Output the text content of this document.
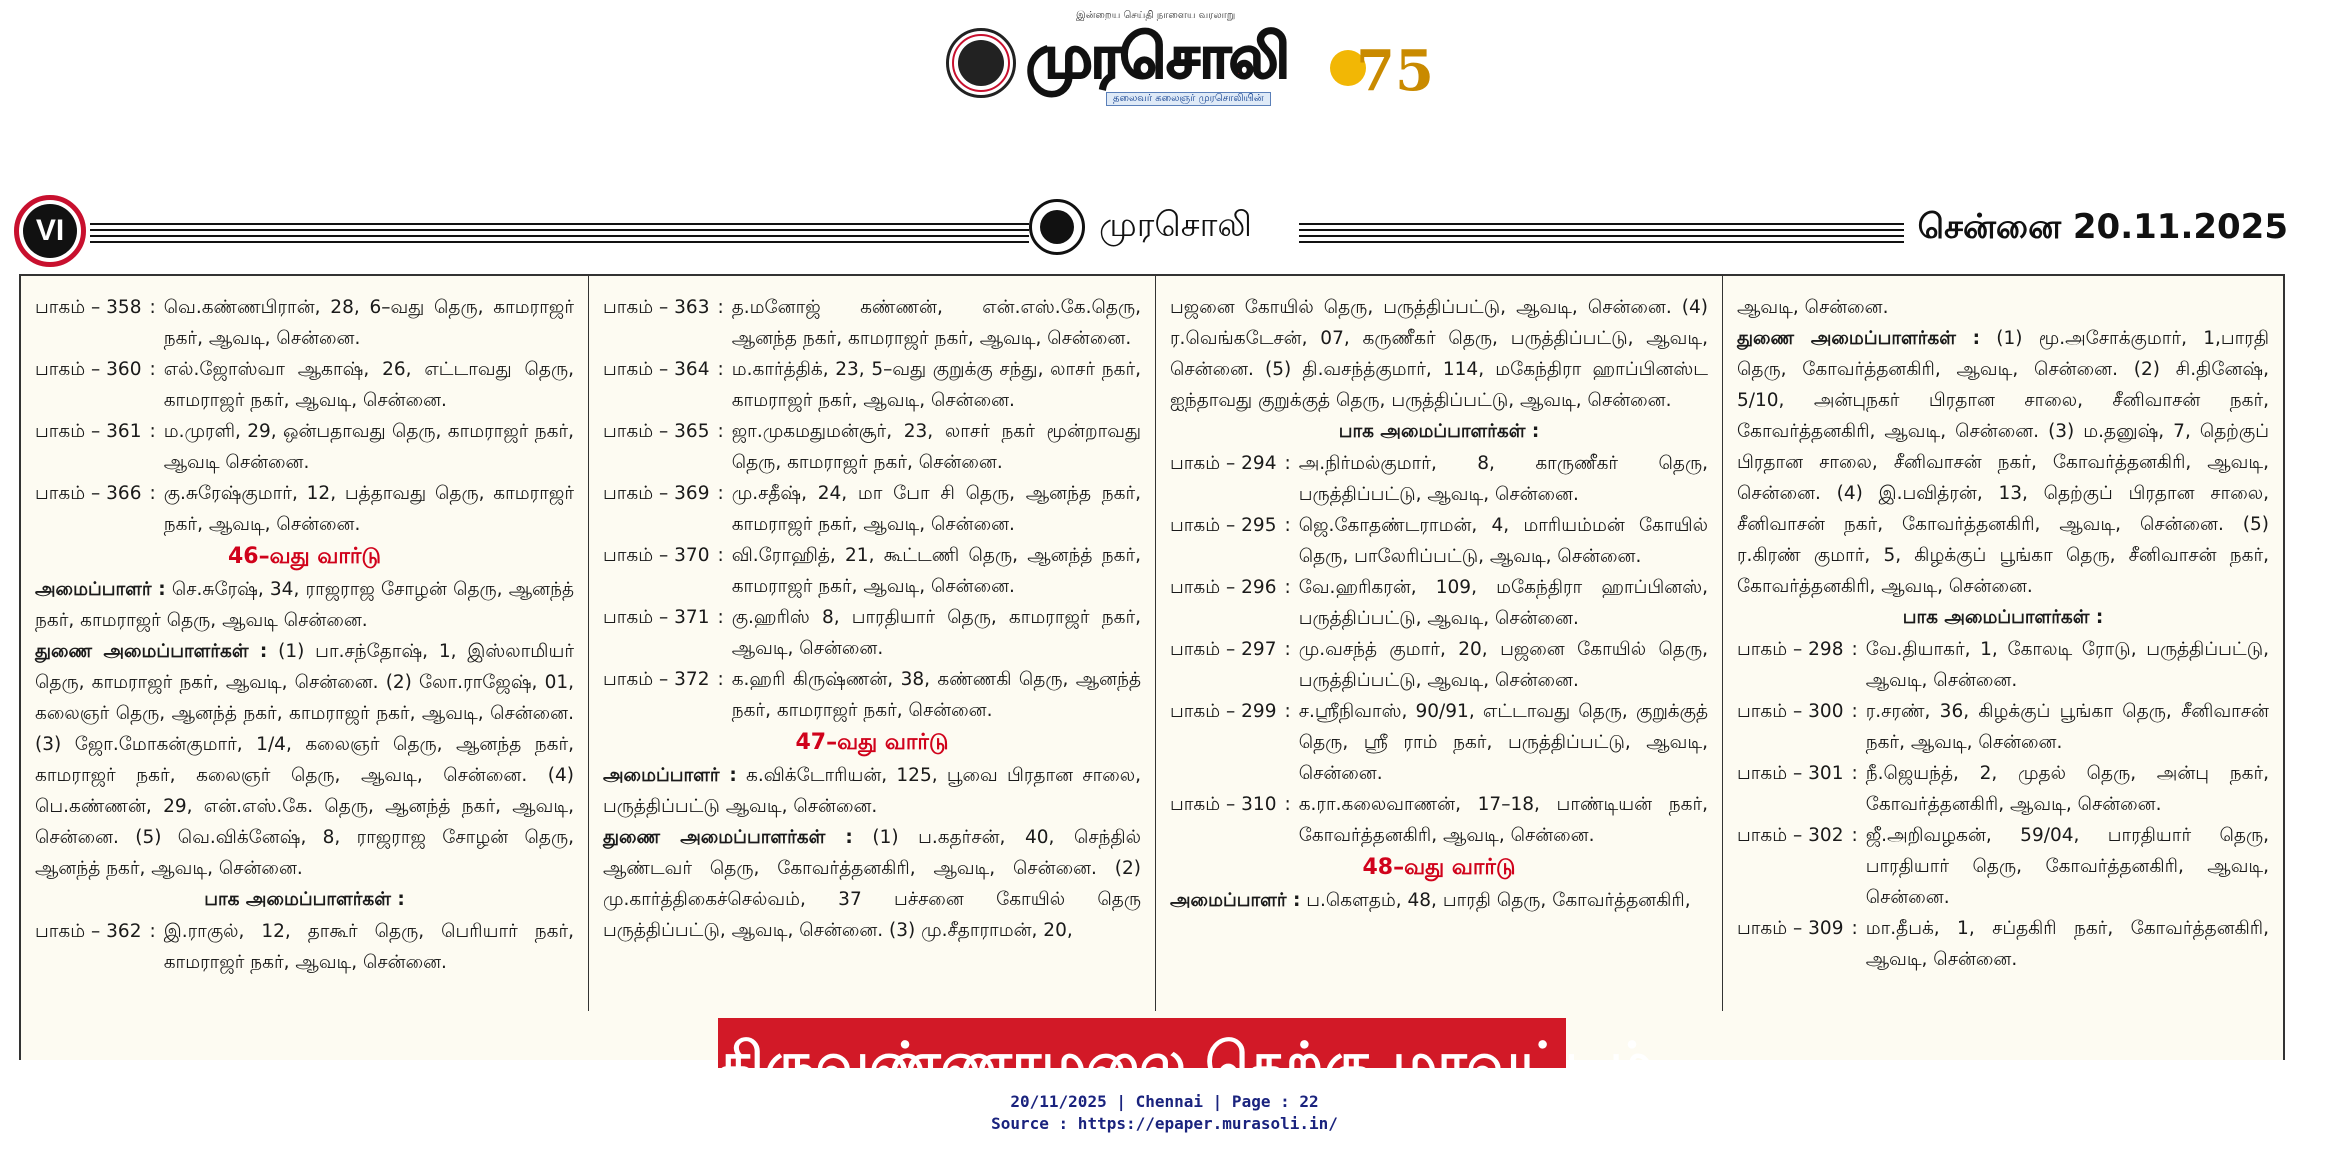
இன்றைய செய்தி நாளைய வரலாறு
முரசொலி
தலைவர் கலைஞர் முரசொலியின் 75
VI	முரசொலி	சென்னை 20.11.2025
பாகம் – 358 : வெ.கண்ணபிரான், 28, 6–வது தெரு, காமராஜர் நகர், ஆவடி, சென்னை.
பாகம் – 360 : எல்.ஜோஸ்வா ஆகாஷ், 26, எட்டாவது தெரு, காமராஜர் நகர், ஆவடி, சென்னை.
பாகம் – 361 : ம.முரளி, 29, ஒன்பதாவது தெரு, காமராஜர் நகர், ஆவடி சென்னை.
பாகம் – 366 : கு.சுரேஷ்குமார், 12, பத்தாவது தெரு, காமராஜர் நகர், ஆவடி, சென்னை.
46–வது வார்டு
அமைப்பாளர் : செ.சுரேஷ், 34, ராஜராஜ சோழன் தெரு, ஆனந்த் நகர், காமராஜர் தெரு, ஆவடி சென்னை.
துணை அமைப்பாளர்கள் : (1) பா.சந்தோஷ், 1, இஸ்லாமியர் தெரு, காமராஜர் நகர், ஆவடி, சென்னை. (2) லோ.ராஜேஷ், 01, கலைஞர் தெரு, ஆனந்த் நகர், காமராஜர் நகர், ஆவடி, சென்னை. (3) ஜோ.மோகன்குமார், 1/4, கலைஞர் தெரு, ஆனந்த நகர், காமராஜர் நகர், கலைஞர் தெரு, ஆவடி, சென்னை. (4) பெ.கண்ணன், 29, என்.எஸ்.கே. தெரு, ஆனந்த் நகர், ஆவடி, சென்னை. (5) வெ.விக்னேஷ், 8, ராஜராஜ சோழன் தெரு, ஆனந்த் நகர், ஆவடி, சென்னை.
பாக அமைப்பாளர்கள் :
பாகம் – 362 : இ.ராகுல், 12, தாகூர் தெரு, பெரியார் நகர், காமராஜர் நகர், ஆவடி, சென்னை.
பாகம் – 363 : த.மனோஜ் கண்ணன், என்.எஸ்.கே.தெரு, ஆனந்த நகர், காமராஜர் நகர், ஆவடி, சென்னை.
பாகம் – 364 : ம.கார்த்திக், 23, 5–வது குறுக்கு சந்து, லாசர் நகர், காமராஜர் நகர், ஆவடி, சென்னை.
பாகம் – 365 : ஜா.முகமதுமன்சூர், 23, லாசர் நகர் மூன்றாவது தெரு, காமராஜர் நகர், சென்னை.
பாகம் – 369 : மு.சதீஷ், 24, மா போ சி தெரு, ஆனந்த நகர், காமராஜர் நகர், ஆவடி, சென்னை.
பாகம் – 370 : வி.ரோஹித், 21, கூட்டணி தெரு, ஆனந்த் நகர், காமராஜர் நகர், ஆவடி, சென்னை.
பாகம் – 371 : கு.ஹரிஸ் 8, பாரதியார் தெரு, காமராஜர் நகர், ஆவடி, சென்னை.
பாகம் – 372 : க.ஹரி கிருஷ்ணன், 38, கண்ணகி தெரு, ஆனந்த் நகர், காமராஜர் நகர், சென்னை.
47–வது வார்டு
அமைப்பாளர் : க.விக்டோரியன், 125, பூவை பிரதான சாலை, பருத்திப்பட்டு ஆவடி, சென்னை.
துணை அமைப்பாளர்கள் : (1) ப.கதர்சன், 40, செந்தில் ஆண்டவர் தெரு, கோவர்த்தனகிரி, ஆவடி, சென்னை. (2) மு.கார்த்திகைச்செல்வம், 37 பச்சனை கோயில் தெரு பருத்திப்பட்டு, ஆவடி, சென்னை. (3) மு.சீதாராமன், 20,
பஜனை கோயில் தெரு, பருத்திப்பட்டு, ஆவடி, சென்னை. (4) ர.வெங்கடேசன், 07, கருணீகர் தெரு, பருத்திப்பட்டு, ஆவடி, சென்னை. (5) தி.வசந்த்குமார், 114, மகேந்திரா ஹாப்பினஸ்ட ஐந்தாவது குறுக்குத் தெரு, பருத்திப்பட்டு, ஆவடி, சென்னை.
பாக அமைப்பாளர்கள் :
பாகம் – 294 : அ.நிர்மல்குமார், 8, காருணீகர் தெரு, பருத்திப்பட்டு, ஆவடி, சென்னை.
பாகம் – 295 : ஜெ.கோதண்டராமன், 4, மாரியம்மன் கோயில் தெரு, பாலேரிப்பட்டு, ஆவடி, சென்னை.
பாகம் – 296 : வே.ஹரிகரன், 109, மகேந்திரா ஹாப்பினஸ், பருத்திப்பட்டு, ஆவடி, சென்னை.
பாகம் – 297 : மு.வசந்த் குமார், 20, பஜனை கோயில் தெரு, பருத்திப்பட்டு, ஆவடி, சென்னை.
பாகம் – 299 : ச.ஸ்ரீநிவாஸ், 90/91, எட்டாவது தெரு, குறுக்குத் தெரு, ஸ்ரீ ராம் நகர், பருத்திப்பட்டு, ஆவடி, சென்னை.
பாகம் – 310 : க.ரா.கலைவாணன், 17–18, பாண்டியன் நகர், கோவர்த்தனகிரி, ஆவடி, சென்னை.
48–வது வார்டு
அமைப்பாளர் : ப.கௌதம், 48, பாரதி தெரு, கோவர்த்தனகிரி,
ஆவடி, சென்னை.
துணை அமைப்பாளர்கள் : (1) மூ.அசோக்குமார், 1,பாரதி தெரு, கோவர்த்தனகிரி, ஆவடி, சென்னை. (2) சி.தினேஷ், 5/10, அன்புநகர் பிரதான சாலை, சீனிவாசன் நகர், கோவர்த்தனகிரி, ஆவடி, சென்னை. (3) ம.தனுஷ், 7, தெற்குப் பிரதான சாலை, சீனிவாசன் நகர், கோவர்த்தனகிரி, ஆவடி, சென்னை. (4) இ.பவித்ரன், 13, தெற்குப் பிரதான சாலை, சீனிவாசன் நகர், கோவர்த்தனகிரி, ஆவடி, சென்னை. (5) ர.கிரண் குமார், 5, கிழக்குப் பூங்கா தெரு, சீனிவாசன் நகர், கோவர்த்தனகிரி, ஆவடி, சென்னை.
பாக அமைப்பாளர்கள் :
பாகம் – 298 : வே.தியாகர், 1, கோலடி ரோடு, பருத்திப்பட்டு, ஆவடி, சென்னை.
பாகம் – 300 : ர.சரண், 36, கிழக்குப் பூங்கா தெரு, சீனிவாசன் நகர், ஆவடி, சென்னை.
பாகம் – 301 : நீ.ஜெயந்த், 2, முதல் தெரு, அன்பு நகர், கோவர்த்தனகிரி, ஆவடி, சென்னை.
பாகம் – 302 : ஜீ.அறிவழகன், 59/04, பாரதியார் தெரு, பாரதியார் தெரு, கோவர்த்தனகிரி, ஆவடி, சென்னை.
பாகம் – 309 : மா.தீபக், 1, சப்தகிரி நகர், கோவர்த்தனகிரி, ஆவடி, சென்னை.
திருவண்ணாமலை தெற்கு மாவட்டம்
20/11/2025 | Chennai | Page : 22
Source : https://epaper.murasoli.in/
